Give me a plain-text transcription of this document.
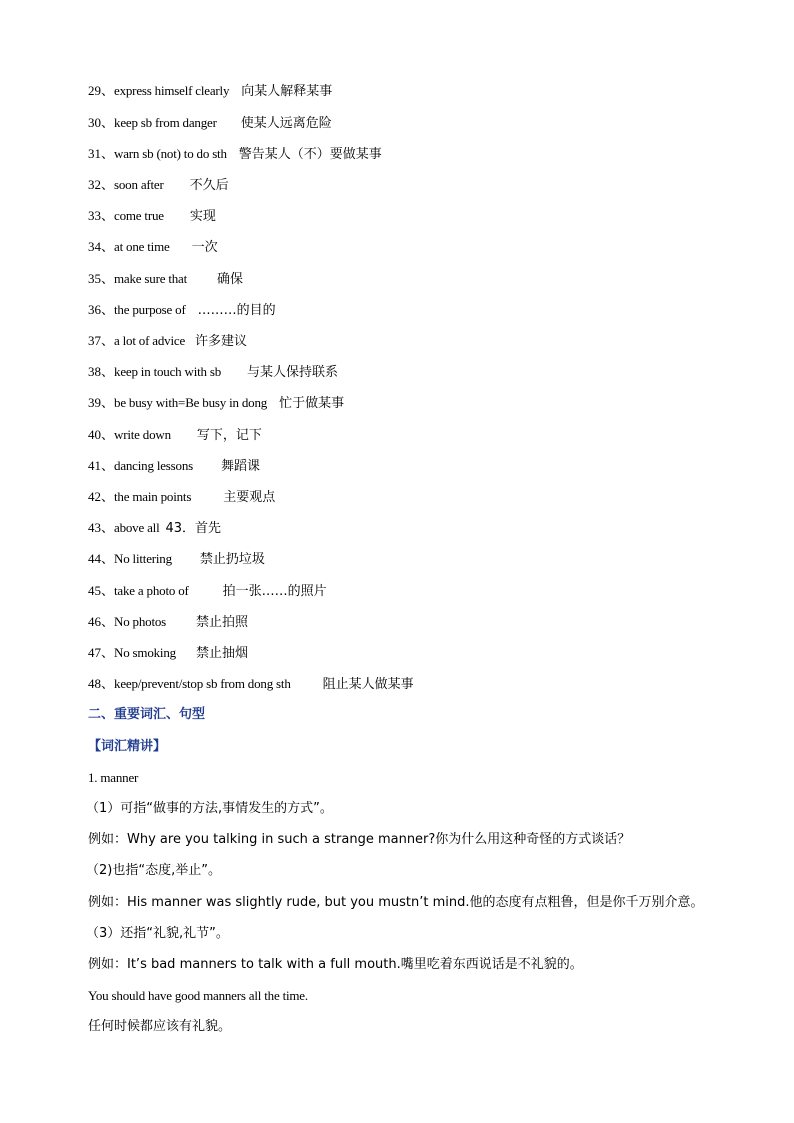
29、express himself clearly 向某人解释某事
30、keep sb from danger 使某人远离危险
31、warn sb (not) to do sth 警告某人（不）要做某事
32、soon after 不久后
33、come true 实现
34、at one time 一次
35、make sure that 确保
36、the purpose of ………的目的
37、a lot of advice 许多建议
38、keep in touch with sb 与某人保持联系
39、be busy with=Be busy in dong 忙于做某事
40、write down 写下，记下
41、dancing lessons 舞蹈课
42、the main points 主要观点
43、above all 43．首先
44、No littering 禁止扔垃圾
45、take a photo of	拍一张……的照片
46、No photos 禁止拍照
47、No smoking 禁止抽烟
48、keep/prevent/stop sb from dong sth 阻止某人做某事
二、重要词汇、句型
【词汇精讲】
1. manner
（1）可指“做事的方法,事情发生的方式”。
例如：Why are you talking in such a strange manner?你为什么用这种奇怪的方式谈话？
（2)也指“态度,举止”。
例如：His manner was slightly rude, but you mustn’t mind.他的态度有点粗鲁，但是你千万别介意。
（3）还指“礼貌,礼节”。
例如：It’s bad manners to talk with a full mouth.嘴里吃着东西说话是不礼貌的。
You should have good manners all the time.
任何时候都应该有礼貌。
